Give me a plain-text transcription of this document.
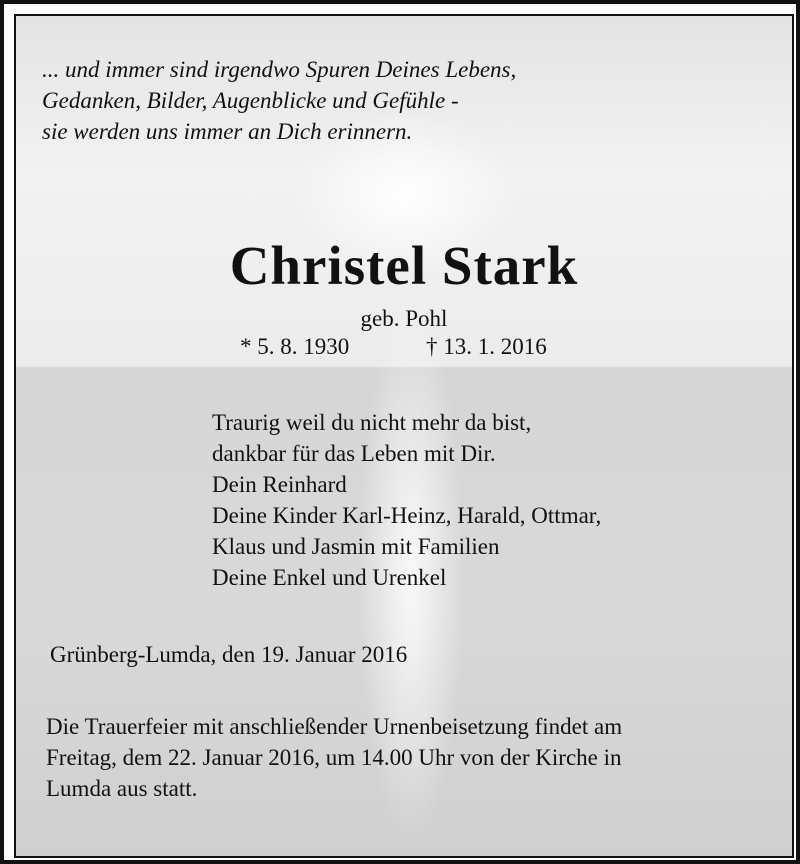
... und immer sind irgendwo Spuren Deines Lebens,
Gedanken, Bilder, Augenblicke und Gefühle -
sie werden uns immer an Dich erinnern.
Christel Stark
geb. Pohl
* 5. 8. 1930	† 13. 1. 2016
Traurig weil du nicht mehr da bist,
dankbar für das Leben mit Dir.
Dein Reinhard
Deine Kinder Karl-Heinz, Harald, Ottmar,
Klaus und Jasmin mit Familien
Deine Enkel und Urenkel
Grünberg-Lumda, den 19. Januar 2016
Die Trauerfeier mit anschließender Urnenbeisetzung findet am
Freitag, dem 22. Januar 2016, um 14.00 Uhr von der Kirche in
Lumda aus statt.
